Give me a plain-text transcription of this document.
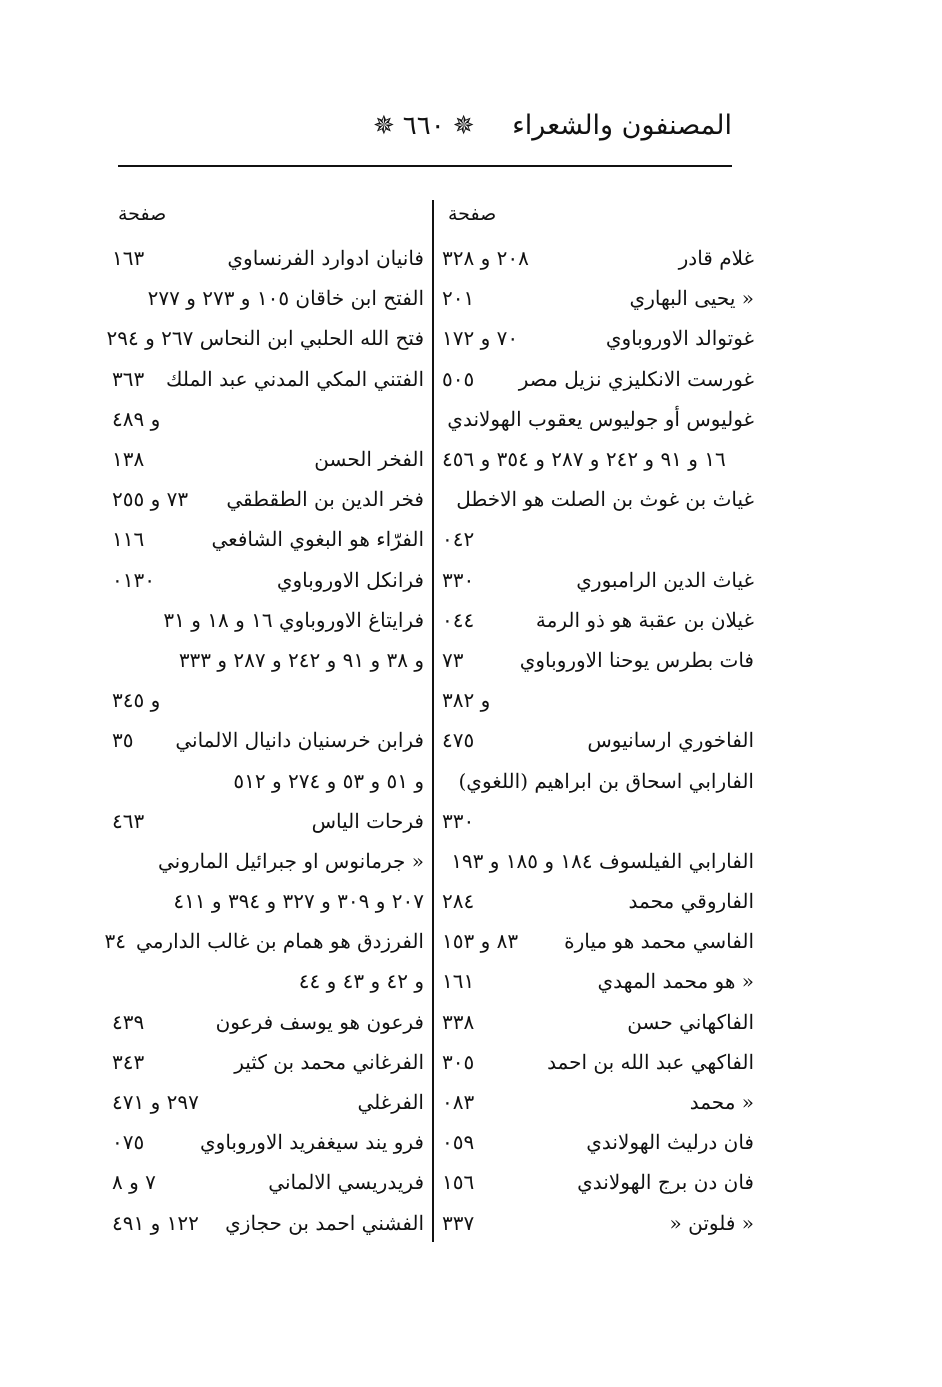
المصنفون والشعراء
✵ ٦٦٠ ✵
صفحة
غلام قادر
٢٠٨ و ٣٢٨
« يحيى البهاري
٢٠١
غوتوالد الاوروباوي
٧٠ و ١٧٢
غورست الانكليزي نزيل مصر
٥٠٥
غوليوس أو جوليوس يعقوب الهولاندي
١٦ و ٩١ و ٢٤٢ و ٢٨٧ و ٣٥٤ و ٤٥٦
غياث بن غوث بن الصلت هو الاخطل
٠٤٢
غياث الدين الرامبوري
٣٣٠
غيلان بن عقبة هو ذو الرمة
٠٤٤
فات بطرس يوحنا الاوروباوي
٧٣
و ٣٨٢
الفاخوري ارسانيوس
٤٧٥
الفارابي اسحاق بن ابراهيم (اللغوي)
٣٣٠
الفارابي الفيلسوف ١٨٤ و ١٨٥ و ١٩٣
الفاروقي محمد
٢٨٤
الفاسي محمد هو ميارة
٨٣ و ١٥٣
« هو محمد المهدي
١٦١
الفاكهاني حسن
٣٣٨
الفاكهي عبد الله بن احمد
٣٠٥
« محمد
٠٨٣
فان درليث الهولاندي
٠٥٩
فان دن برج الهولاندي
١٥٦
« فلوتن «
٣٣٧
صفحة
فانيان ادوارد الفرنساوي
١٦٣
الفتح ابن خاقان ١٠٥ و ٢٧٣ و ٢٧٧
فتح الله الحلبي ابن النحاس ٢٦٧ و ٢٩٤
الفتني المكي المدني عبد الملك
٣٦٣
و ٤٨٩
الفخر الحسن
١٣٨
فخر الدين بن الطقطقي
٧٣ و ٢٥٥
الفرّاء هو البغوي الشافعي
١١٦
فرانكل الاوروباوي
٠١٣٠
فرايتاغ الاوروباوي ١٦ و ١٨ و ٣١
و ٣٨ و ٩١ و ٢٤٢ و ٢٨٧ و ٣٣٣
و ٣٤٥
فرابن خرسنيان دانيال الالماني
٣٥
و ٥١ و ٥٣ و ٢٧٤ و ٥١٢
فرحات الياس
٤٦٣
« جرمانوس او جبرائيل الماروني
٢٠٧ و ٣٠٩ و ٣٢٧ و ٣٩٤ و ٤١١
الفرزدق هو همام بن غالب الدارمي
٣٤
و ٤٢ و ٤٣ و ٤٤
فرعون هو يوسف فرعون
٤٣٩
الفرغاني محمد بن كثير
٣٤٣
الفرغلي
٢٩٧ و ٤٧١
فرو يند سيغفريد الاوروباوي
٠٧٥
فريدريسي الالماني
٧ و ٨
الفشني احمد بن حجازي
١٢٢ و ٤٩١
